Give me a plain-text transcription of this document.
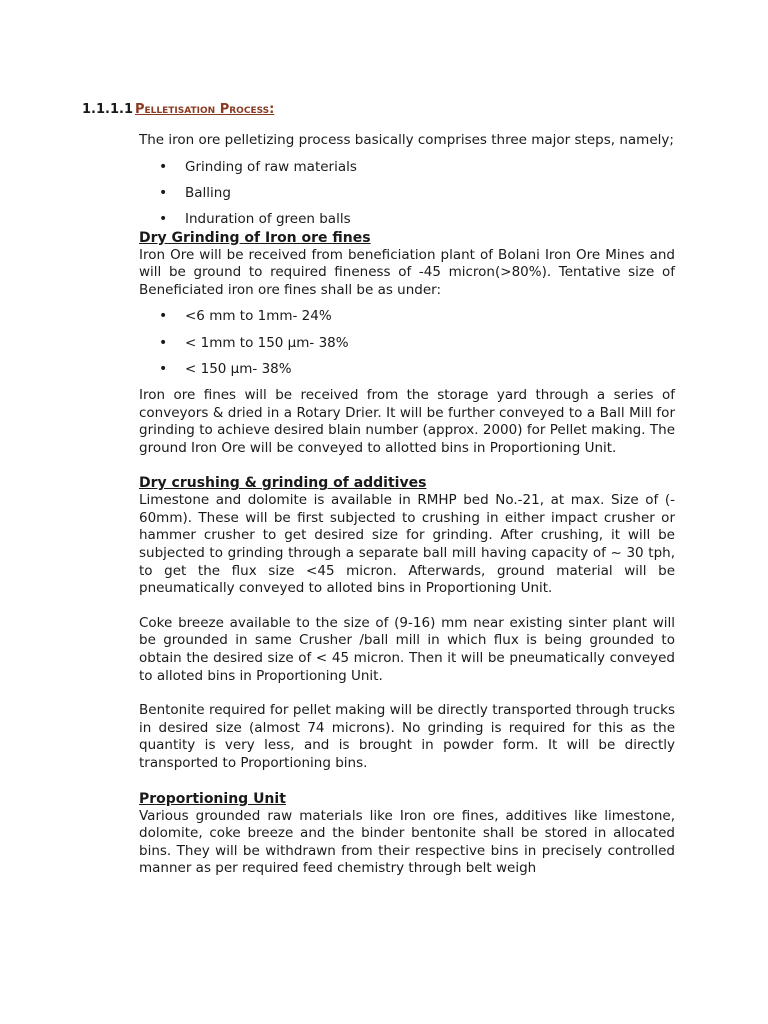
1.1.1.1 Pelletisation Process:

The iron ore pelletizing process basically comprises three major steps, namely;

• Grinding of raw materials
• Balling
• Induration of green balls
Dry Grinding of Iron ore fines

Iron Ore will be received from beneficiation plant of Bolani Iron Ore Mines and will be ground to required fineness of -45 micron(>80%). Tentative size of Beneficiated iron ore fines shall be as under:

• <6 mm to 1mm- 24%
• < 1mm to 150 µm- 38%
• < 150 µm- 38%

Iron ore fines will be received from the storage yard through a series of conveyors & dried in a Rotary Drier. It will be further conveyed to a Ball Mill for grinding to achieve desired blain number (approx. 2000) for Pellet making. The ground Iron Ore will be conveyed to allotted bins in Proportioning Unit.

Dry crushing & grinding of additives

Limestone and dolomite is available in RMHP bed No.-21, at max. Size of (- 60mm). These will be first subjected to crushing in either impact crusher or hammer crusher to get desired size for grinding. After crushing, it will be subjected to grinding through a separate ball mill having capacity of ~ 30 tph, to get the flux size <45 micron. Afterwards, ground material will be pneumatically conveyed to alloted bins in Proportioning Unit.

Coke breeze available to the size of (9-16) mm near existing sinter plant will be grounded in same Crusher /ball mill in which flux is being grounded to obtain the desired size of < 45 micron. Then it will be pneumatically conveyed to alloted bins in Proportioning Unit.

Bentonite required for pellet making will be directly transported through trucks in desired size (almost 74 microns). No grinding is required for this as the quantity is very less, and is brought in powder form. It will be directly transported to Proportioning bins.

Proportioning Unit

Various grounded raw materials like Iron ore fines, additives like limestone, dolomite, coke breeze and the binder bentonite shall be stored in allocated bins. They will be withdrawn from their respective bins in precisely controlled manner as per required feed chemistry through belt weigh
